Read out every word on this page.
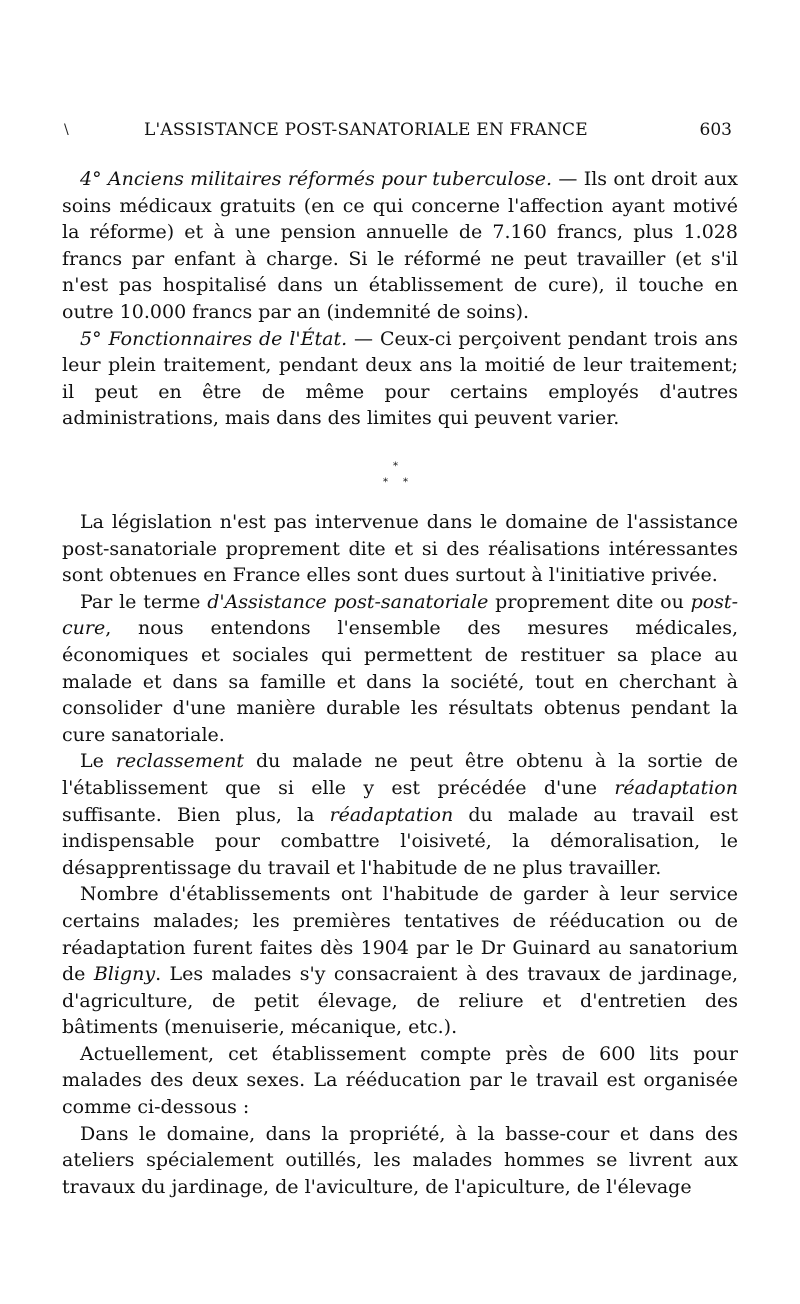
\	L'ASSISTANCE POST-SANATORIALE EN FRANCE	603

4° Anciens militaires réformés pour tuberculose. — Ils ont droit aux soins médicaux gratuits (en ce qui concerne l'affection ayant motivé la réforme) et à une pension annuelle de 7.160 francs, plus 1.028 francs par enfant à charge. Si le réformé ne peut travailler (et s'il n'est pas hospitalisé dans un établissement de cure), il touche en outre 10.000 francs par an (indemnité de soins).

5° Fonctionnaires de l'État. — Ceux-ci perçoivent pendant trois ans leur plein traitement, pendant deux ans la moitié de leur traitement; il peut en être de même pour certains employés d'autres administrations, mais dans des limites qui peuvent varier.

*
* *

La législation n'est pas intervenue dans le domaine de l'assistance post-sanatoriale proprement dite et si des réalisations intéressantes sont obtenues en France elles sont dues surtout à l'initiative privée.

Par le terme d'Assistance post-sanatoriale proprement dite ou post-cure, nous entendons l'ensemble des mesures médicales, économiques et sociales qui permettent de restituer sa place au malade et dans sa famille et dans la société, tout en cherchant à consolider d'une manière durable les résultats obtenus pendant la cure sanatoriale.

Le reclassement du malade ne peut être obtenu à la sortie de l'établissement que si elle y est précédée d'une réadaptation suffisante. Bien plus, la réadaptation du malade au travail est indispensable pour combattre l'oisiveté, la démoralisation, le désapprentissage du travail et l'habitude de ne plus travailler.

Nombre d'établissements ont l'habitude de garder à leur service certains malades; les premières tentatives de rééducation ou de réadaptation furent faites dès 1904 par le Dr Guinard au sanatorium de Bligny. Les malades s'y consacraient à des travaux de jardinage, d'agriculture, de petit élevage, de reliure et d'entretien des bâtiments (menuiserie, mécanique, etc.).

Actuellement, cet établissement compte près de 600 lits pour malades des deux sexes. La rééducation par le travail est organisée comme ci-dessous :

Dans le domaine, dans la propriété, à la basse-cour et dans des ateliers spécialement outillés, les malades hommes se livrent aux travaux du jardinage, de l'aviculture, de l'apiculture, de l'élevage
